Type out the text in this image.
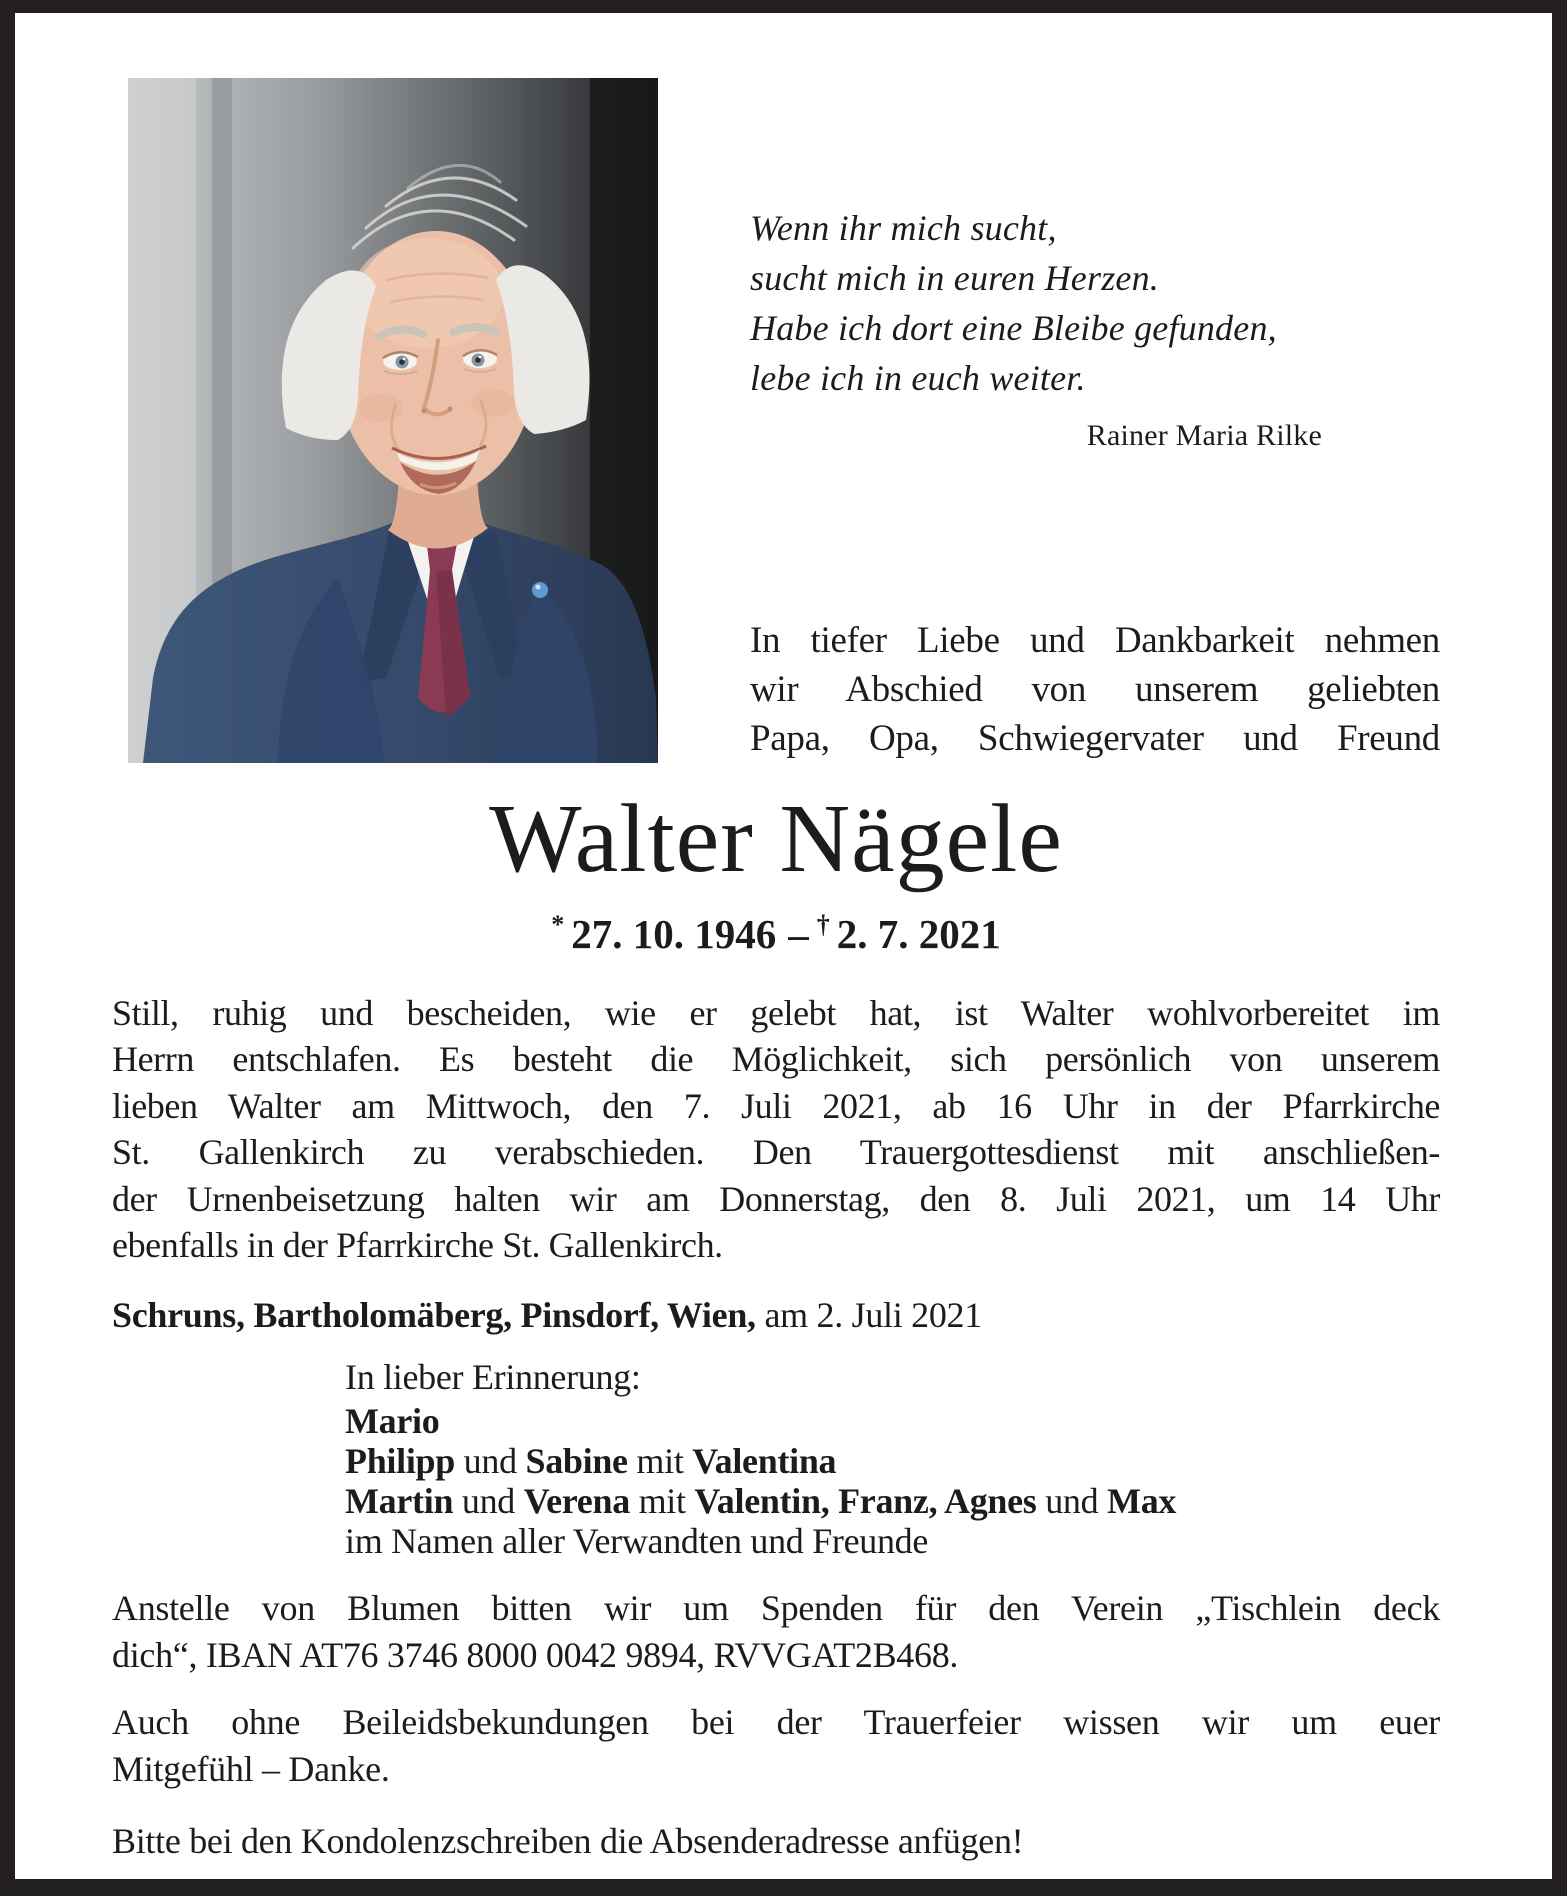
Wenn ihr mich sucht,
sucht mich in euren Herzen.
Habe ich dort eine Bleibe gefunden,
lebe ich in euch weiter.
Rainer Maria Rilke
In tiefer Liebe und Dankbarkeit nehmen
wir Abschied von unserem geliebten
Papa, Opa, Schwiegervater und Freund
Walter Nägele
* 27. 10. 1946 – † 2. 7. 2021
Still, ruhig und bescheiden, wie er gelebt hat, ist Walter wohlvorbereitet im
Herrn entschlafen. Es besteht die Möglichkeit, sich persönlich von unserem
lieben Walter am Mittwoch, den 7. Juli 2021, ab 16 Uhr in der Pfarrkirche
St. Gallenkirch zu verabschieden. Den Trauergottesdienst mit anschließen-
der Urnenbeisetzung halten wir am Donnerstag, den 8. Juli 2021, um 14 Uhr
ebenfalls in der Pfarrkirche St. Gallenkirch.
Schruns, Bartholomäberg, Pinsdorf, Wien, am 2. Juli 2021
In lieber Erinnerung:
Mario
Philipp und Sabine mit Valentina
Martin und Verena mit Valentin, Franz, Agnes und Max
im Namen aller Verwandten und Freunde
Anstelle von Blumen bitten wir um Spenden für den Verein „Tischlein deck
dich“, IBAN AT76 3746 8000 0042 9894, RVVGAT2B468.
Auch ohne Beileidsbekundungen bei der Trauerfeier wissen wir um euer
Mitgefühl – Danke.
Bitte bei den Kondolenzschreiben die Absenderadresse anfügen!
